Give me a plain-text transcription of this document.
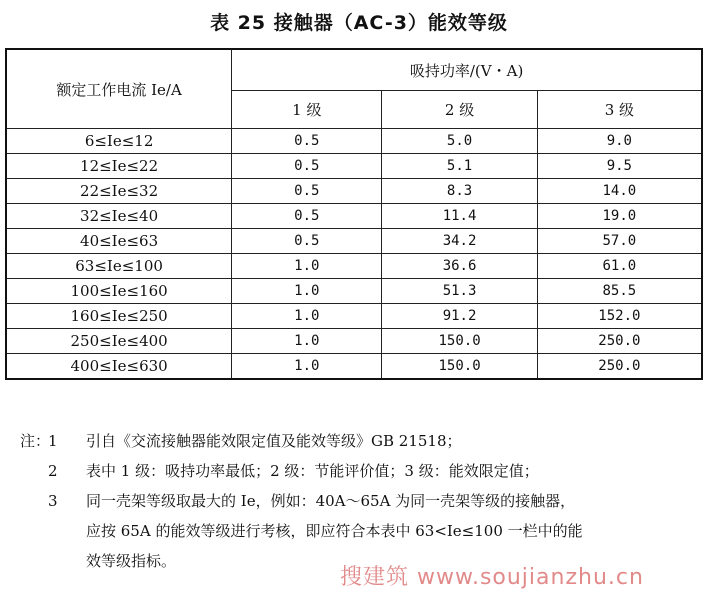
表 25 接触器（AC-3）能效等级
额定工作电流 Ie/A	吸持功率/(V・A)		
	1 级	2 级	3 级
6≤Ie≤12	0.5	5.0	9.0
12≤Ie≤22	0.5	5.1	9.5
22≤Ie≤32	0.5	8.3	14.0
32≤Ie≤40	0.5	11.4	19.0
40≤Ie≤63	0.5	34.2	57.0
63≤Ie≤100	1.0	36.6	61.0
100≤Ie≤160	1.0	51.3	85.5
160≤Ie≤250	1.0	91.2	152.0
250≤Ie≤400	1.0	150.0	250.0
400≤Ie≤630	1.0	150.0	250.0
注：
1	引自《交流接触器能效限定值及能效等级》GB 21518；
2	表中 1 级：吸持功率最低；2 级：节能评价值；3 级：能效限定值；
3	同一壳架等级取最大的 Ie，例如：40A～65A 为同一壳架等级的接触器，
应按 65A 的能效等级进行考核，即应符合本表中 63<Ie≤100 一栏中的能
效等级指标。
搜建筑 www.soujianzhu.cn
